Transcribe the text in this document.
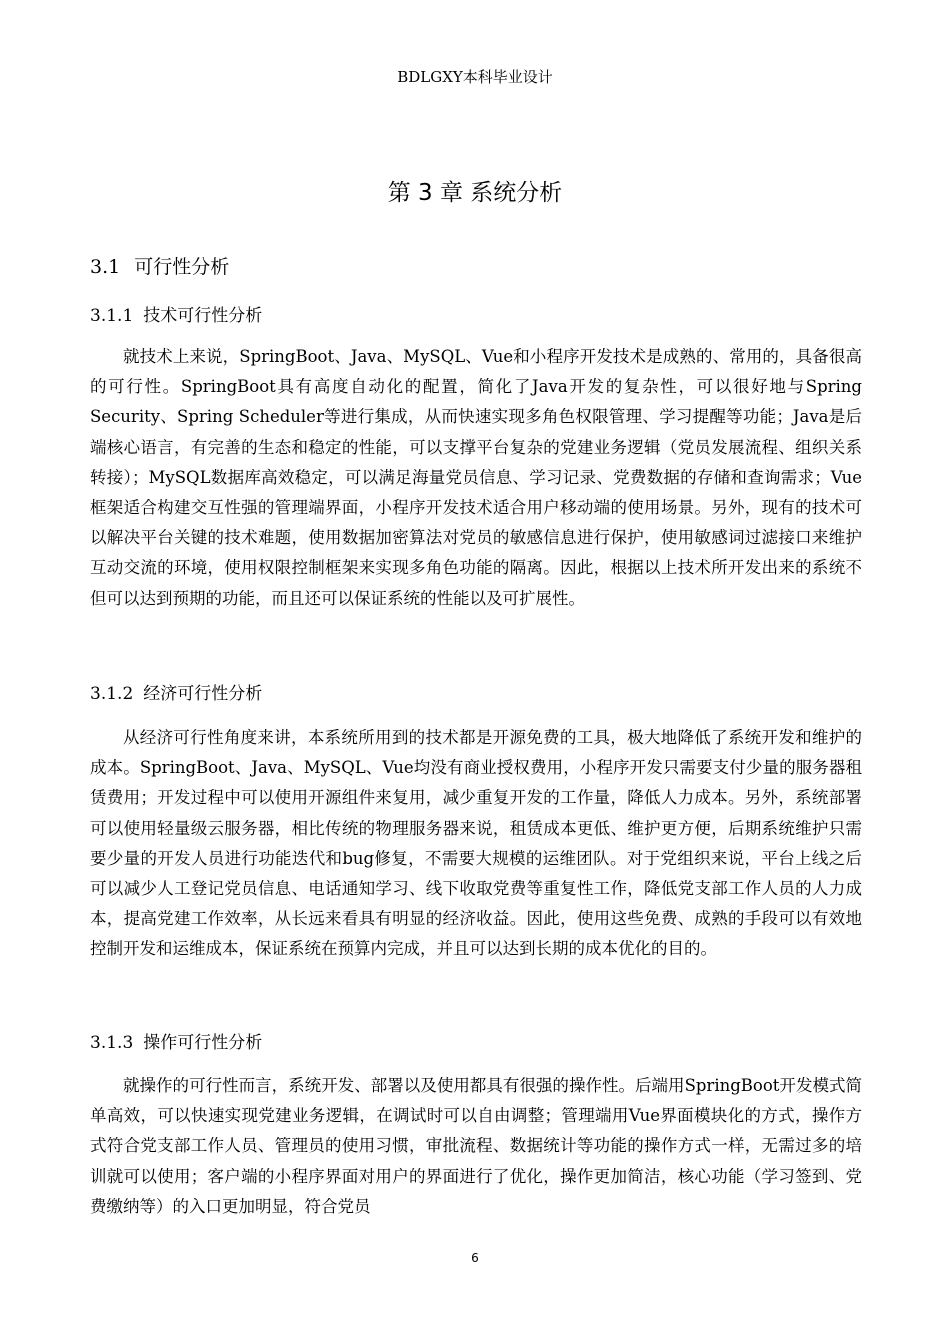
BDLGXY本科毕业设计
第 3 章 系统分析
3.1 可行性分析
3.1.1 技术可行性分析

就技术上来说，SpringBoot、Java、MySQL、Vue和小程序开发技术是成熟的、常用的，具备很高的可行性。SpringBoot具有高度自动化的配置，简化了Java开发的复杂性，可以很好地与Spring Security、Spring Scheduler等进行集成，从而快速实现多角色权限管理、学习提醒等功能；Java是后端核心语言，有完善的生态和稳定的性能，可以支撑平台复杂的党建业务逻辑（党员发展流程、组织关系转接）；MySQL数据库高效稳定，可以满足海量党员信息、学习记录、党费数据的存储和查询需求；Vue框架适合构建交互性强的管理端界面，小程序开发技术适合用户移动端的使用场景。另外，现有的技术可以解决平台关键的技术难题，使用数据加密算法对党员的敏感信息进行保护，使用敏感词过滤接口来维护互动交流的环境，使用权限控制框架来实现多角色功能的隔离。因此，根据以上技术所开发出来的系统不但可以达到预期的功能，而且还可以保证系统的性能以及可扩展性。

3.1.2 经济可行性分析

从经济可行性角度来讲，本系统所用到的技术都是开源免费的工具，极大地降低了系统开发和维护的成本。SpringBoot、Java、MySQL、Vue均没有商业授权费用，小程序开发只需要支付少量的服务器租赁费用；开发过程中可以使用开源组件来复用，减少重复开发的工作量，降低人力成本。另外，系统部署可以使用轻量级云服务器，相比传统的物理服务器来说，租赁成本更低、维护更方便，后期系统维护只需要少量的开发人员进行功能迭代和bug修复，不需要大规模的运维团队。对于党组织来说，平台上线之后可以减少人工登记党员信息、电话通知学习、线下收取党费等重复性工作，降低党支部工作人员的人力成本，提高党建工作效率，从长远来看具有明显的经济收益。因此，使用这些免费、成熟的手段可以有效地控制开发和运维成本，保证系统在预算内完成，并且可以达到长期的成本优化的目的。

3.1.3 操作可行性分析

就操作的可行性而言，系统开发、部署以及使用都具有很强的操作性。后端用SpringBoot开发模式简单高效，可以快速实现党建业务逻辑，在调试时可以自由调整；管理端用Vue界面模块化的方式，操作方式符合党支部工作人员、管理员的使用习惯，审批流程、数据统计等功能的操作方式一样，无需过多的培训就可以使用；客户端的小程序界面对用户的界面进行了优化，操作更加简洁，核心功能（学习签到、党费缴纳等）的入口更加明显，符合党员

6
